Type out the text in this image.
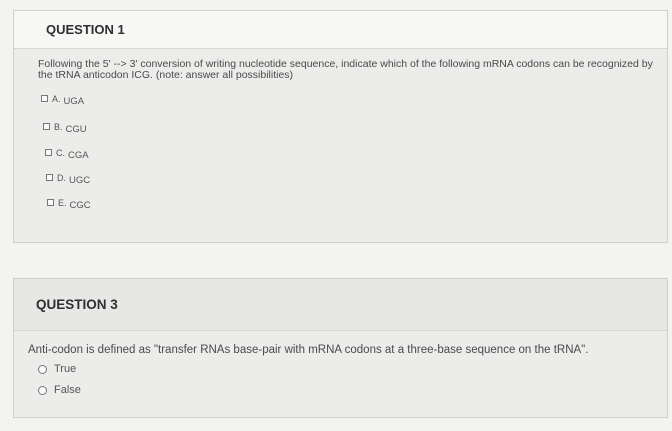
QUESTION 1
Following the 5' --> 3' conversion of writing nucleotide sequence, indicate which of the following mRNA codons can be recognized by the tRNA anticodon ICG. (note: answer all possibilities)
A. UGA
B. CGU
C. CGA
D. UGC
E. CGC
QUESTION 3
Anti-codon is defined as "transfer RNAs base-pair with mRNA codons at a three-base sequence on the tRNA".
True
False
